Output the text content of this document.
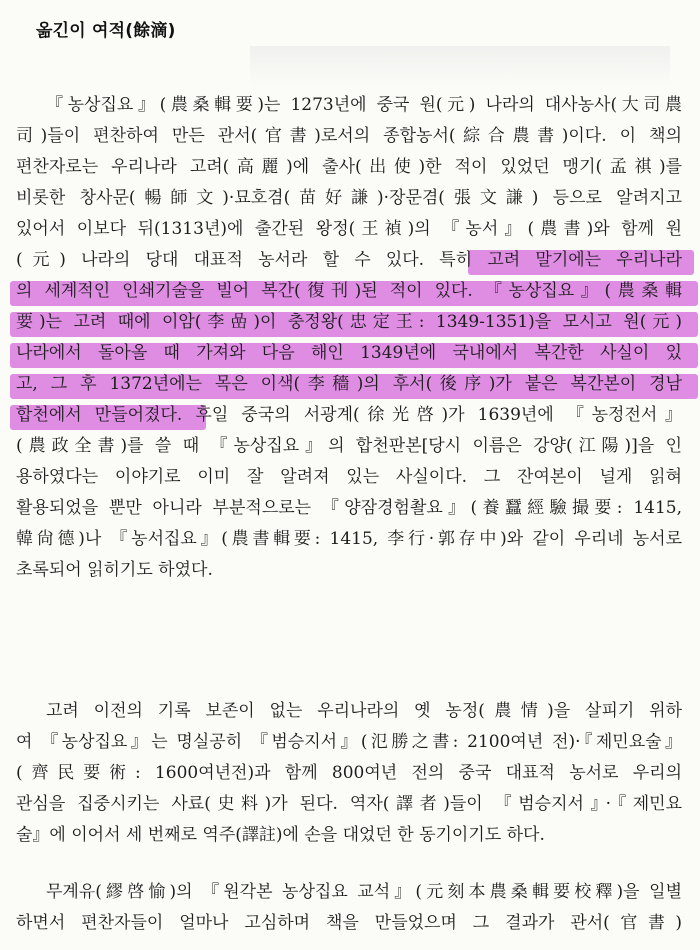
옮긴이 여적(餘滴)
『농상집요』(農桑輯要)는 1273년에 중국 원(元) 나라의 대사농사(大司農
司)들이 편찬하여 만든 관서(官書)로서의 종합농서(綜合農書)이다. 이 책의
편찬자로는 우리나라 고려(高麗)에 출사(出使)한 적이 있었던 맹기(孟祺)를
비롯한 창사문(暢師文)·묘호겸(苗好謙)·장문겸(張文謙) 등으로 알려지고
있어서 이보다 뒤(1313년)에 출간된 왕정(王禎)의 『농서』(農書)와 함께 원
(元) 나라의 당대 대표적 농서라 할 수 있다. 특히 고려 말기에는 우리나라
의 세계적인 인쇄기술을 빌어 복간(復刊)된 적이 있다. 『농상집요』(農桑輯
要)는 고려 때에 이암(李嵒)이 충정왕(忠定王: 1349-1351)을 모시고 원(元)
나라에서 돌아올 때 가져와 다음 해인 1349년에 국내에서 복간한 사실이 있
고, 그 후 1372년에는 목은 이색(李穡)의 후서(後序)가 붙은 복간본이 경남
합천에서 만들어졌다. 후일 중국의 서광계(徐光啓)가 1639년에 『농정전서』
(農政全書)를 쓸 때 『농상집요』의 합천판본[당시 이름은 강양(江陽)]을 인
용하였다는 이야기로 이미 잘 알려져 있는 사실이다. 그 잔여본이 널게 읽혀
활용되었을 뿐만 아니라 부분적으로는 『양잠경험촬요』(養蠶經驗撮要: 1415,
韓尙德)나 『농서집요』(農書輯要: 1415, 李行·郭存中)와 같이 우리네 농서로
초록되어 읽히기도 하였다.
고려 이전의 기록 보존이 없는 우리나라의 옛 농정(農情)을 살피기 위하
여 『농상집요』는 명실공히 『범승지서』(氾勝之書: 2100여년 전)·『제민요술』
(齊民要術: 1600여년전)과 함께 800여년 전의 중국 대표적 농서로 우리의
관심을 집중시키는 사료(史料)가 된다. 역자(譯者)들이 『범승지서』·『제민요
술』에 이어서 세 번째로 역주(譯註)에 손을 대었던 한 동기이기도 하다.
무계유(繆啓愉)의 『원각본 농상집요 교석』(元刻本農桑輯要校釋)을 일별
하면서 편찬자들이 얼마나 고심하며 책을 만들었으며 그 결과가 관서(官書)
